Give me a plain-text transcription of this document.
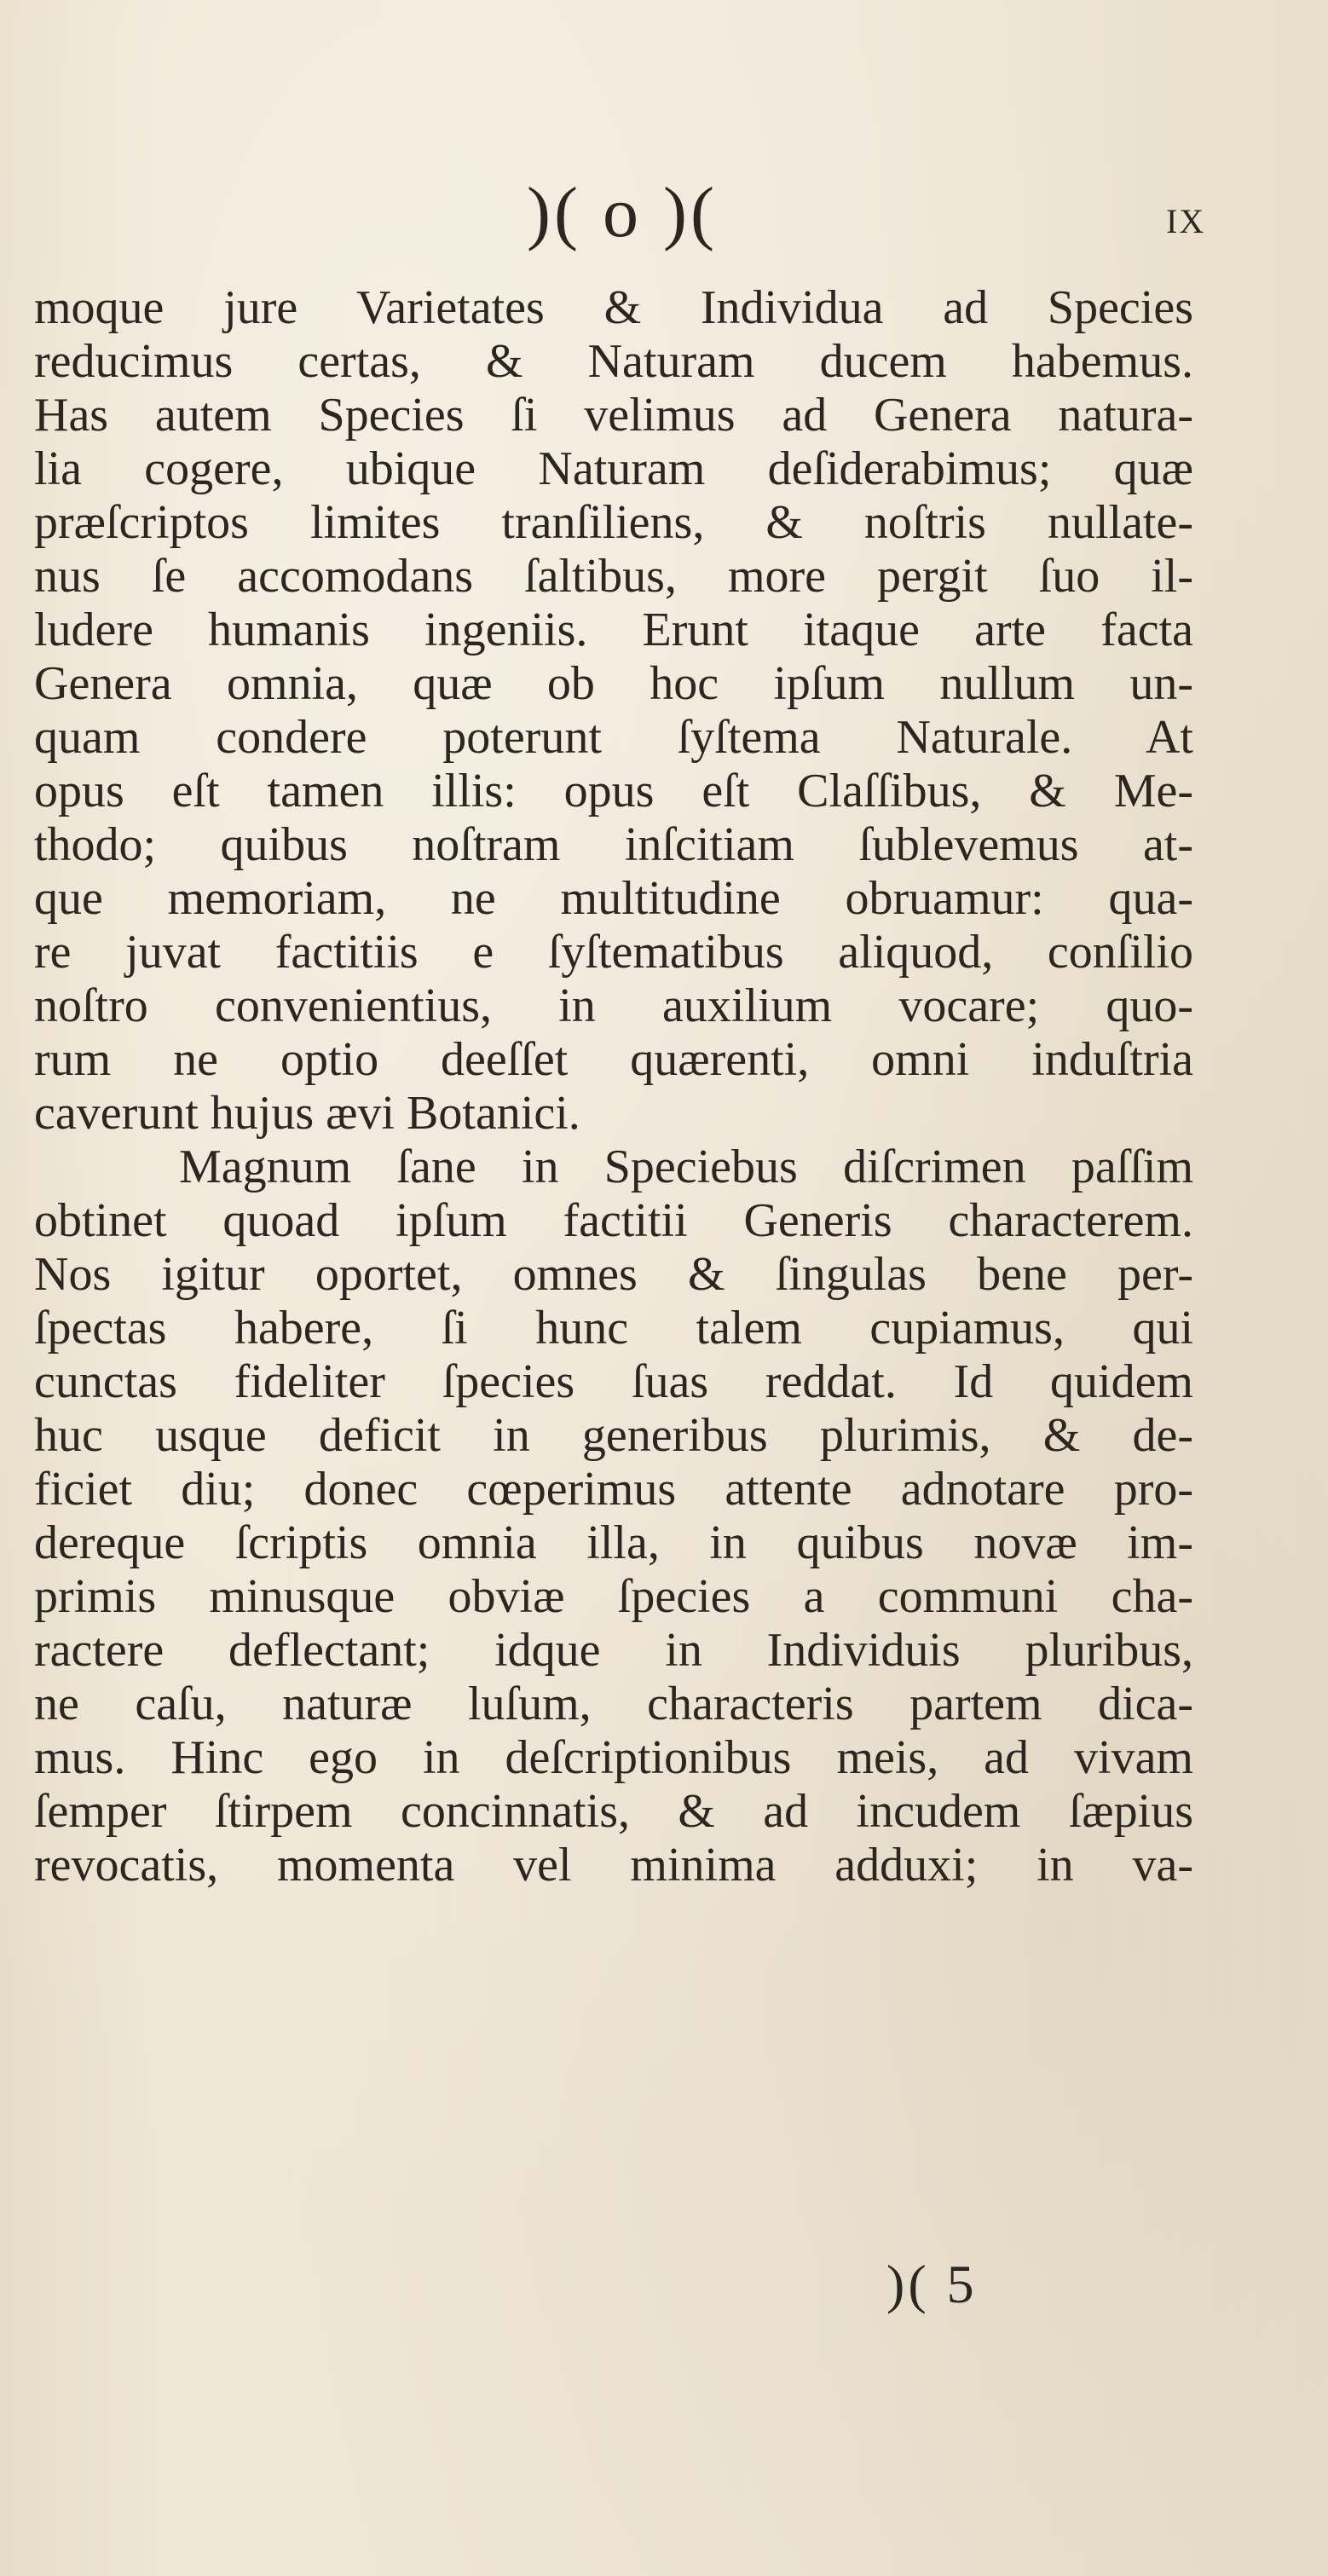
)( o )(	IX
moque jure Varietates & Individua ad Species
reducimus certas, & Naturam ducem habemus.
Has autem Species ſi velimus ad Genera natura-
lia cogere, ubique Naturam deſiderabimus; quæ
præſcriptos limites tranſiliens, & noſtris nullate-
nus ſe accomodans ſaltibus, more pergit ſuo il-
ludere humanis ingeniis. Erunt itaque arte facta
Genera omnia, quæ ob hoc ipſum nullum un-
quam condere poterunt ſyſtema Naturale. At
opus eſt tamen illis: opus eſt Claſſibus, & Me-
thodo; quibus noſtram inſcitiam ſublevemus at-
que memoriam, ne multitudine obruamur: qua-
re juvat factitiis e ſyſtematibus aliquod, conſilio
noſtro convenientius, in auxilium vocare; quo-
rum ne optio deeſſet quærenti, omni induſtria
caverunt hujus ævi Botanici.
Magnum ſane in Speciebus diſcrimen paſſim
obtinet quoad ipſum factitii Generis characterem.
Nos igitur oportet, omnes & ſingulas bene per-
ſpectas habere, ſi hunc talem cupiamus, qui
cunctas fideliter ſpecies ſuas reddat. Id quidem
huc usque deficit in generibus plurimis, & de-
ficiet diu; donec cœperimus attente adnotare pro-
dereque ſcriptis omnia illa, in quibus novæ im-
primis minusque obviæ ſpecies a communi cha-
ractere deflectant; idque in Individuis pluribus,
ne caſu, naturæ luſum, characteris partem dica-
mus. Hinc ego in deſcriptionibus meis, ad vivam
ſemper ſtirpem concinnatis, & ad incudem ſæpius
revocatis, momenta vel minima adduxi; in va-
)( 5
